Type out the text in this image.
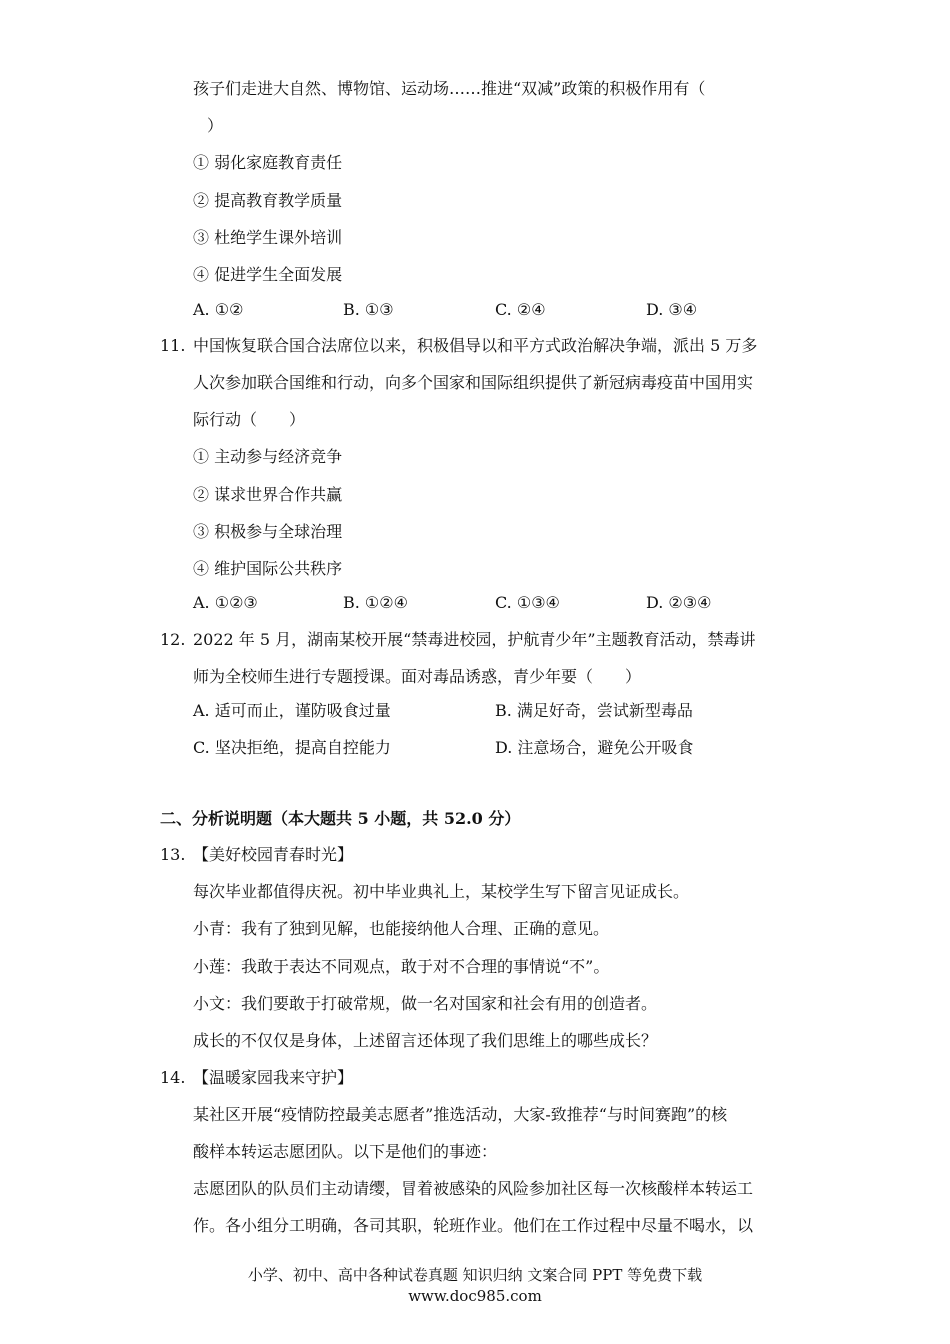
孩子们走进大自然、博物馆、运动场……推进“双减”政策的积极作用有（
）
① 弱化家庭教育责任
② 提高教育教学质量
③ 杜绝学生课外培训
④ 促进学生全面发展
A. ①②	B. ①③	C. ②④	D. ③④
11. 中国恢复联合国合法席位以来，积极倡导以和平方式政治解决争端，派出 5 万多
人次参加联合国维和行动，向多个国家和国际组织提供了新冠病毒疫苗中国用实
际行动（　　）
① 主动参与经济竞争
② 谋求世界合作共赢
③ 积极参与全球治理
④ 维护国际公共秩序
A. ①②③	B. ①②④	C. ①③④	D. ②③④
12. 2022 年 5 月，湖南某校开展“禁毒进校园，护航青少年”主题教育活动，禁毒讲
师为全校师生进行专题授课。面对毒品诱惑，青少年要（　　）
A. 适可而止，谨防吸食过量	B. 满足好奇，尝试新型毒品
C. 坚决拒绝，提高自控能力	D. 注意场合，避免公开吸食
二、分析说明题（本大题共 5 小题，共 52.0 分）
13. 【美好校园青春时光】
每次毕业都值得庆祝。初中毕业典礼上，某校学生写下留言见证成长。
小青：我有了独到见解，也能接纳他人合理、正确的意见。
小莲：我敢于表达不同观点，敢于对不合理的事情说“不”。
小文：我们要敢于打破常规，做一名对国家和社会有用的创造者。
成长的不仅仅是身体，上述留言还体现了我们思维上的哪些成长？
14. 【温暖家园我来守护】
某社区开展“疫情防控最美志愿者”推选活动，大家-致推荐“与时间赛跑”的核
酸样本转运志愿团队。以下是他们的事迹：
志愿团队的队员们主动请缨，冒着被感染的风险参加社区每一次核酸样本转运工
作。各小组分工明确，各司其职，轮班作业。他们在工作过程中尽量不喝水，以
小学、初中、高中各种试卷真题 知识归纳 文案合同 PPT 等免费下载
www.doc985.com
